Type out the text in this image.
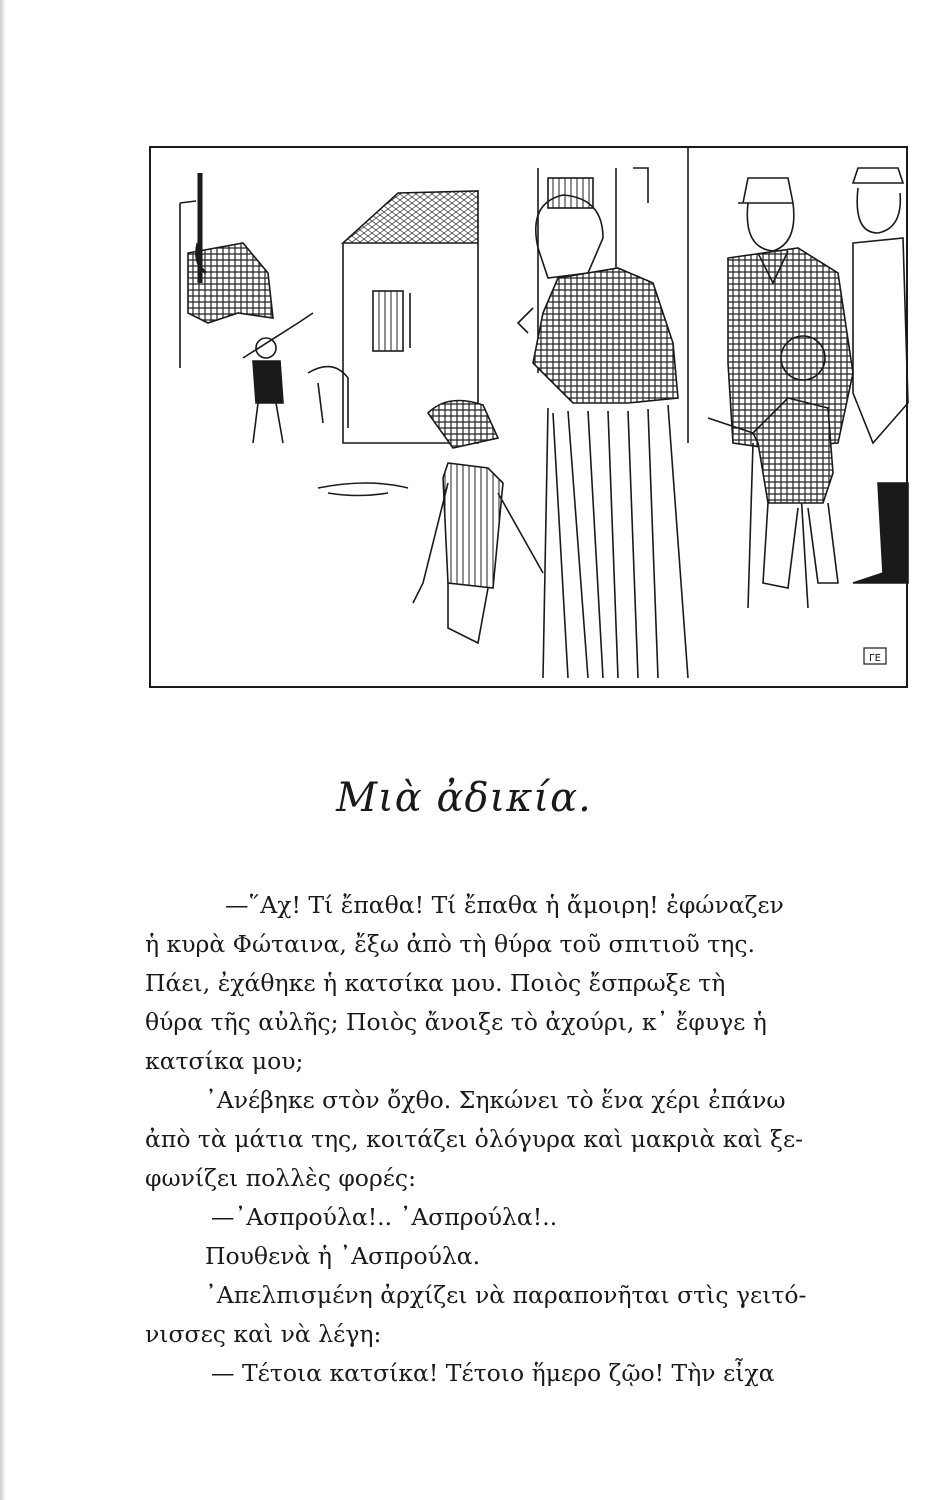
ΓΕ
Μιὰ ἀδικία.
—῞Αχ! Τί ἔπαθα! Τί ἔπαθα ἡ ἄμοιρη! ἐφώναζεν
ἡ κυρὰ Φώταινα, ἔξω ἀπὸ τὴ θύρα τοῦ σπιτιοῦ της.
Πάει, ἐχάθηκε ἡ κατσίκα μου. Ποιὸς ἔσπρωξε τὴ
θύρα τῆς αὐλῆς; Ποιὸς ἄνοιξε τὸ ἀχούρι, κ᾿ ἔφυγε ἡ
κατσίκα μου;
᾿Ανέβηκε στὸν ὄχθο. Σηκώνει τὸ ἕνα χέρι ἐπάνω
ἀπὸ τὰ μάτια της, κοιτάζει ὁλόγυρα καὶ μακριὰ καὶ ξε-
φωνίζει πολλὲς φορές:
—᾿Ασπρούλα!.. ᾿Ασπρούλα!..
Πουθενὰ ἡ ᾿Ασπρούλα.
᾿Απελπισμένη ἀρχίζει νὰ παραπονῆται στὶς γειτό-
νισσες καὶ νὰ λέγη:
— Τέτοια κατσίκα! Τέτοιο ἥμερο ζῷο! Τὴν εἶχα
